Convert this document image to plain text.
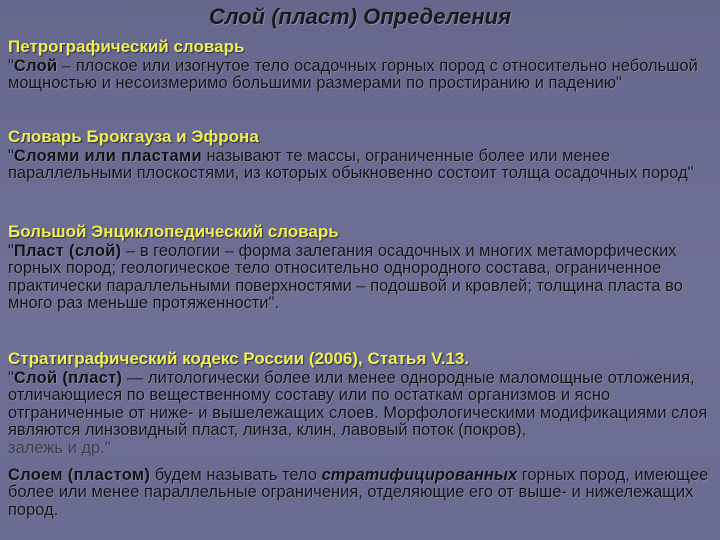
Слой (пласт) Определения
Петрографический словарь
"Слой – плоское или изогнутое тело осадочных горных пород с относительно небольшой мощностью и несоизмеримо большими размерами по простиранию и падению"
Словарь Брокгауза и Эфрона
"Слоями или пластами называют те массы, ограниченные более или менее параллельными плоскостями, из которых обыкновенно состоит толща осадочных пород"
Большой Энциклопедический словарь
"Пласт (слой) – в геологии – форма залегания осадочных и многих метаморфических горных пород; геологическое тело относительно однородного состава, ограниченное практически параллельными поверхностями – подошвой и кровлей; толщина пласта во много раз меньше протяженности".
Стратиграфический кодекс России (2006), Статья V.13.
"Слой (пласт) — литологически более или менее однородные маломощные отложения, отличающиеся по вещественному составу или по остаткам организмов и ясно отграниченные от ниже- и вышележащих слоев. Морфологическими модификациями слоя являются линзовидный пласт, линза, клин, лавовый поток (покров),
залежь и др."
Слоем (пластом) будем называть тело стратифицированных горных пород, имеющее более или менее параллельные ограничения, отделяющие его от выше- и нижележащих пород.
